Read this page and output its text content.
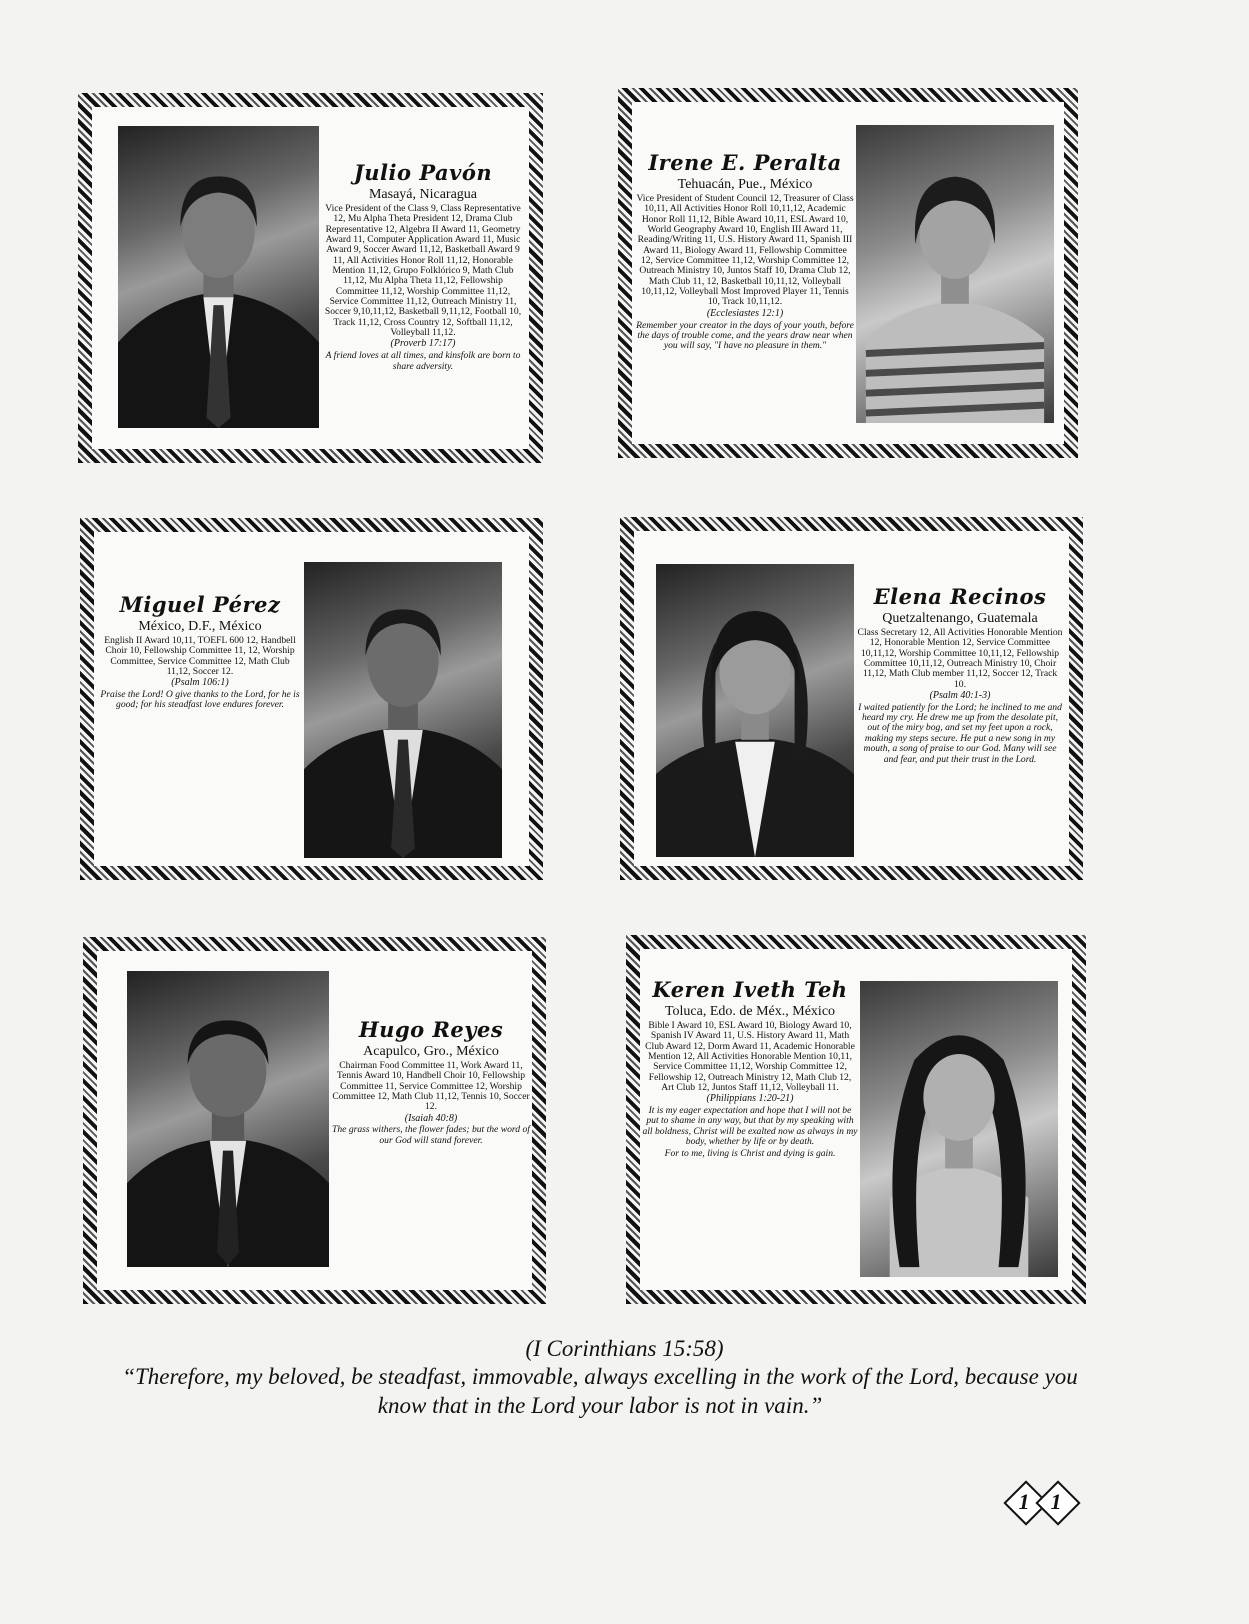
Julio Pavón

Masayá, Nicaragua

Vice President of the Class 9, Class Representative 12, Mu Alpha Theta President 12, Drama Club Representative 12, Algebra II Award 11, Geometry Award 11, Computer Application Award 11, Music Award 9, Soccer Award 11,12, Basketball Award 9 11, All Activities Honor Roll 11,12, Honorable Mention 11,12, Grupo Folklórico 9, Math Club 11,12, Mu Alpha Theta 11,12, Fellowship Committee 11,12, Worship Committee 11,12, Service Committee 11,12, Outreach Ministry 11, Soccer 9,10,11,12, Basketball 9,11,12, Football 10, Track 11,12, Cross Country 12, Softball 11,12, Volleyball 11,12.

(Proverb 17:17)

A friend loves at all times, and kinsfolk are born to share adversity.

Irene E. Peralta

Tehuacán, Pue., México

Vice President of Student Council 12, Treasurer of Class 10,11, All Activities Honor Roll 10,11,12, Academic Honor Roll 11,12, Bible Award 10,11, ESL Award 10, World Geography Award 10, English III Award 11, Reading/Writing 11, U.S. History Award 11, Spanish III Award 11, Biology Award 11, Fellowship Committee 12, Service Committee 11,12, Worship Committee 12, Outreach Ministry 10, Juntos Staff 10, Drama Club 12, Math Club 11, 12, Basketball 10,11,12, Volleyball 10,11,12, Volleyball Most Improved Player 11, Tennis 10, Track 10,11,12.

(Ecclesiastes 12:1)

Remember your creator in the days of your youth, before the days of trouble come, and the years draw near when you will say, "I have no pleasure in them."

Miguel Pérez

México, D.F., México

English II Award 10,11, TOEFL 600 12, Handbell Choir 10, Fellowship Committee 11, 12, Worship Committee, Service Committee 12, Math Club 11,12, Soccer 12.

(Psalm 106:1)

Praise the Lord! O give thanks to the Lord, for he is good; for his steadfast love endures forever.

Elena Recinos

Quetzaltenango, Guatemala

Class Secretary 12, All Activities Honorable Mention 12, Honorable Mention 12, Service Committee 10,11,12, Worship Committee 10,11,12, Fellowship Committee 10,11,12, Outreach Ministry 10, Choir 11,12, Math Club member 11,12, Soccer 12, Track 10.

(Psalm 40:1-3)

I waited patiently for the Lord; he inclined to me and heard my cry. He drew me up from the desolate pit, out of the miry bog, and set my feet upon a rock, making my steps secure. He put a new song in my mouth, a song of praise to our God. Many will see and fear, and put their trust in the Lord.

Hugo Reyes

Acapulco, Gro., México

Chairman Food Committee 11, Work Award 11, Tennis Award 10, Handbell Choir 10, Fellowship Committee 11, Service Committee 12, Worship Committee 12, Math Club 11,12, Tennis 10, Soccer 12.

(Isaiah 40:8)

The grass withers, the flower fades; but the word of our God will stand forever.

Keren Iveth Teh

Toluca, Edo. de Méx., México

Bible I Award 10, ESL Award 10, Biology Award 10, Spanish IV Award 11, U.S. History Award 11, Math Club Award 12, Dorm Award 11, Academic Honorable Mention 12, All Activities Honorable Mention 10,11, Service Committee 11,12, Worship Committee 12, Fellowship 12, Outreach Ministry 12, Math Club 12, Art Club 12, Juntos Staff 11,12, Volleyball 11.

(Philippians 1:20-21)

It is my eager expectation and hope that I will not be put to shame in any way, but that by my speaking with all boldness, Christ will be exalted now as always in my body, whether by life or by death.

For to me, living is Christ and dying is gain.

(I Corinthians 15:58)
“Therefore, my beloved, be steadfast, immovable, always excelling in the work of the Lord, because you know that in the Lord your labor is not in vain.”
1 1
